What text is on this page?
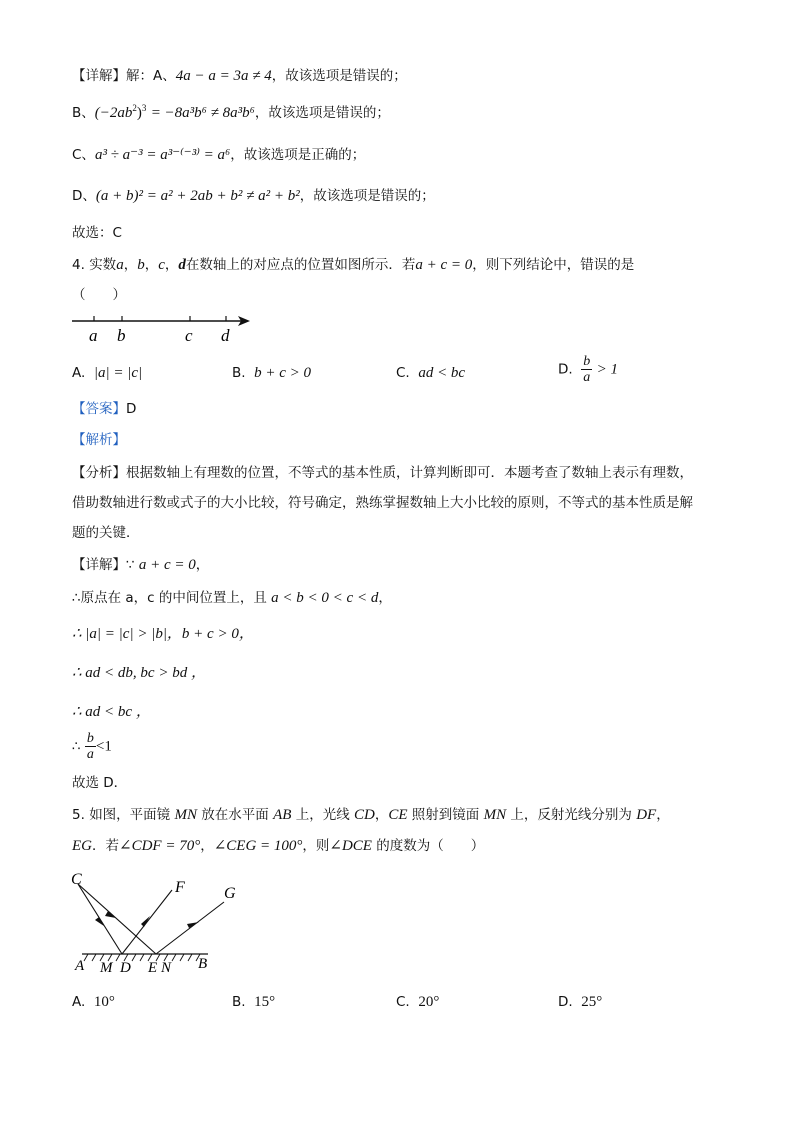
【详解】解：A、4a − a = 3a ≠ 4，故该选项是错误的；
B、$(-2ab^2)^3 = -8a^3b^6 \ne 8a^3b^6$，故该选项是错误的；
C、a³ ÷ a⁻³ = a³⁻⁽⁻³⁾ = a⁶，故该选项是正确的；
D、(a + b)² = a² + 2ab + b² ≠ a² + b²，故该选项是错误的；
故选：C
4. 实数a，b，c，d在数轴上的对应点的位置如图所示．若a + c = 0，则下列结论中，错误的是
（　　）
a b	c d
A. |a| = |c|	B. b + c > 0	C. ad < bc	D. $\frac{b}{a} > 1$
【答案】D
【解析】
【分析】根据数轴上有理数的位置，不等式的基本性质，计算判断即可．本题考查了数轴上表示有理数，
借助数轴进行数或式子的大小比较，符号确定，熟练掌握数轴上大小比较的原则，不等式的基本性质是解
题的关键．
【详解】∵ a + c = 0，
∴原点在 a，c 的中间位置上，且 a < b < 0 < c < d，
∴ |a| = |c| > |b|，b + c > 0，
∴ ad < db, bc > bd ，
∴ ad < bc ，
∴ $\frac{b}{a} <1$
故选 D．
5. 如图，平面镜 MN 放在水平面 AB 上，光线 CD，CE 照射到镜面 MN 上，反射光线分别为 DF，
EG．若∠CDF = 70°，∠CEG = 100°，则∠DCE 的度数为（　　）
C	F G
A M D E N B
A. 10°	B. 15°	C. 20°	D. 25°
